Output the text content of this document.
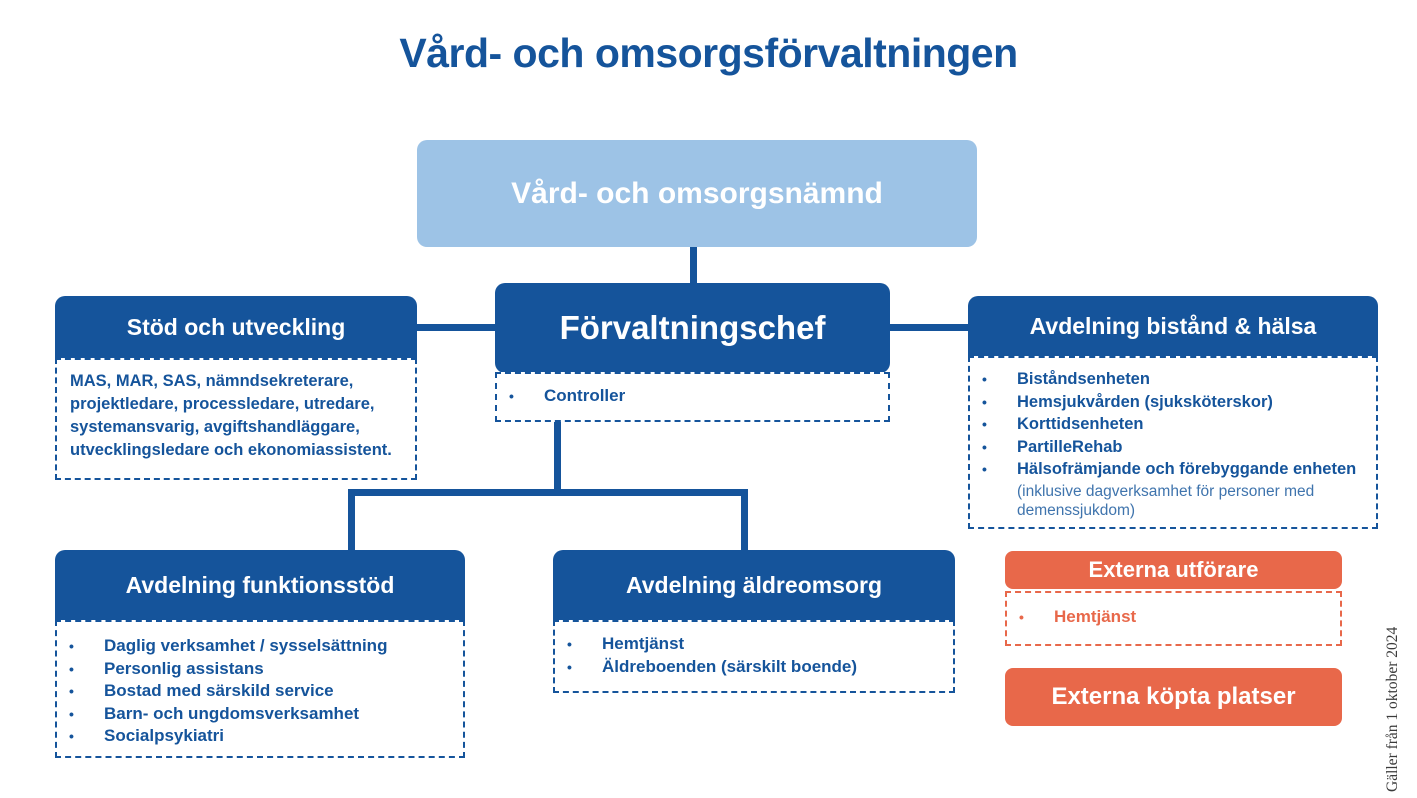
Vård- och omsorgsförvaltningen
Vård- och omsorgsnämnd
Förvaltningschef
• Controller
Stöd och utveckling
MAS, MAR, SAS, nämndsekreterare, projektledare, processledare, utredare, systemansvarig, avgiftshandläggare, utvecklingsledare och ekonomiassistent.
Avdelning bistånd & hälsa
• Biståndsenheten
• Hemsjukvården (sjuksköterskor)
• Korttidsenheten
• PartilleRehab
• Hälsofrämjande och förebyggande enheten
(inklusive dagverksamhet för personer med demenssjukdom)
Avdelning funktionsstöd
• Daglig verksamhet / sysselsättning
• Personlig assistans
• Bostad med särskild service
• Barn- och ungdomsverksamhet
• Socialpsykiatri
Avdelning äldreomsorg
• Hemtjänst
• Äldreboenden (särskilt boende)
Externa utförare
• Hemtjänst
Externa köpta platser	Gäller från 1 oktober 2024
